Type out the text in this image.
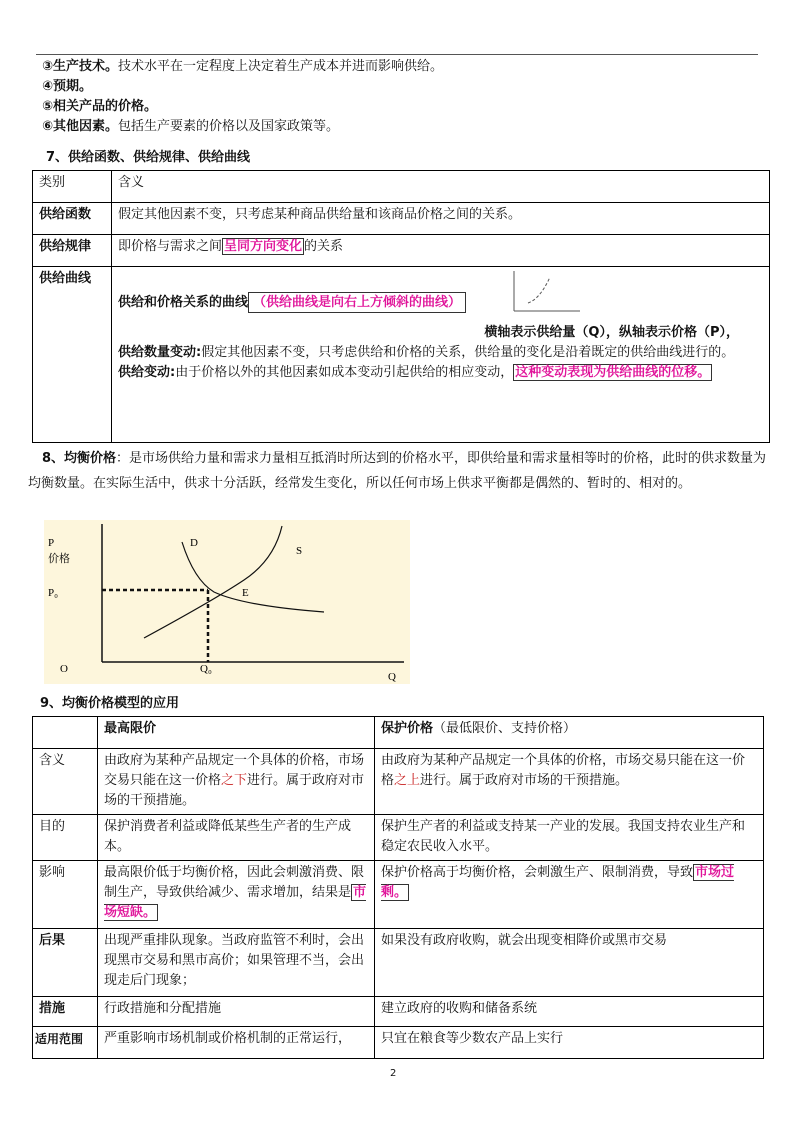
③生产技术。技术水平在一定程度上决定着生产成本并进而影响供给。
④预期。
⑤相关产品的价格。
⑥其他因素。包括生产要素的价格以及国家政策等。
7、供给函数、供给规律、供给曲线
类别	含义
供给函数	假定其他因素不变，只考虑某种商品供给量和该商品价格之间的关系。
供给规律	即价格与需求之间 呈同方向变化 的关系
供给曲线	供给和价格关系的曲线 （供给曲线是向右上方倾斜的曲线）
横轴表示供给量（Q），纵轴表示价格（P），
供给数量变动:假定其他因素不变，只考虑供给和价格的关系，供给量的变化是沿着既定的供给曲线进行的。
供给变动:由于价格以外的其他因素如成本变动引起供给的相应变动， 这种变动表现为供给曲线的位移。
8、均衡价格：是市场供给力量和需求力量相互抵消时所达到的价格水平，即供给量和需求量相等时的价格，此时的供求数量为均衡数量。在实际生活中，供求十分活跃，经常发生变化，所以任何市场上供求平衡都是偶然的、暂时的、相对的。
P
价格
P₀
O	Q₀
Q
D
S
E
9、均衡价格模型的应用
	最高限价	保护价格（最低限价、支持价格）
含义	由政府为某种产品规定一个具体的价格，市场交易只能在这一价格之下进行。属于政府对市场的干预措施。	由政府为某种产品规定一个具体的价格，市场交易只能在这一价格之上进行。属于政府对市场的干预措施。
目的	保护消费者利益或降低某些生产者的生产成本。	保护生产者的利益或支持某一产业的发展。我国支持农业生产和稳定农民收入水平。
影响	最高限价低于均衡价格，因此会刺激消费、限制生产，导致供给减少、需求增加，结果是 市场短缺。	保护价格高于均衡价格，会刺激生产、限制消费，导致 市场过剩。
后果	出现严重排队现象。当政府监管不利时，会出现黑市交易和黑市高价；如果管理不当，会出现走后门现象；	如果没有政府收购，就会出现变相降价或黑市交易
措施	行政措施和分配措施	建立政府的收购和储备系统
适用范围	严重影响市场机制或价格机制的正常运行，	只宜在粮食等少数农产品上实行
2
